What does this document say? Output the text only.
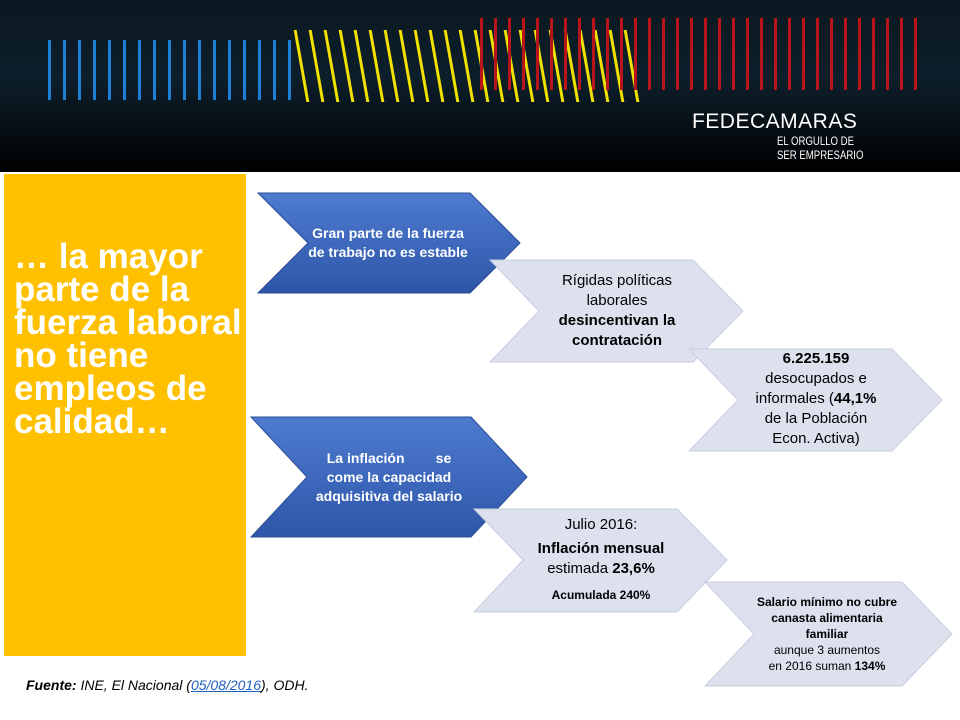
FEDECAMARAS
EL ORGULLO DE
SER EMPRESARIO
… la mayor parte de la fuerza laboral no tiene empleos de calidad…
Gran parte de la fuerza de trabajo no es estable
Rígidas políticas
laborales
desincentivan la contratación
6.225.159
desocupados e
informales (44,1%
de la Población
Econ. Activa)
La inflación        se
come la capacidad adquisitiva del salario
Julio 2016:
Inflación mensual
estimada 23,6%
Acumulada 240%	Salario mínimo no cubre canasta alimentaria familiar
aunque 3 aumentos
en 2016 suman 134%
Fuente: INE, El Nacional (05/08/2016), ODH.
